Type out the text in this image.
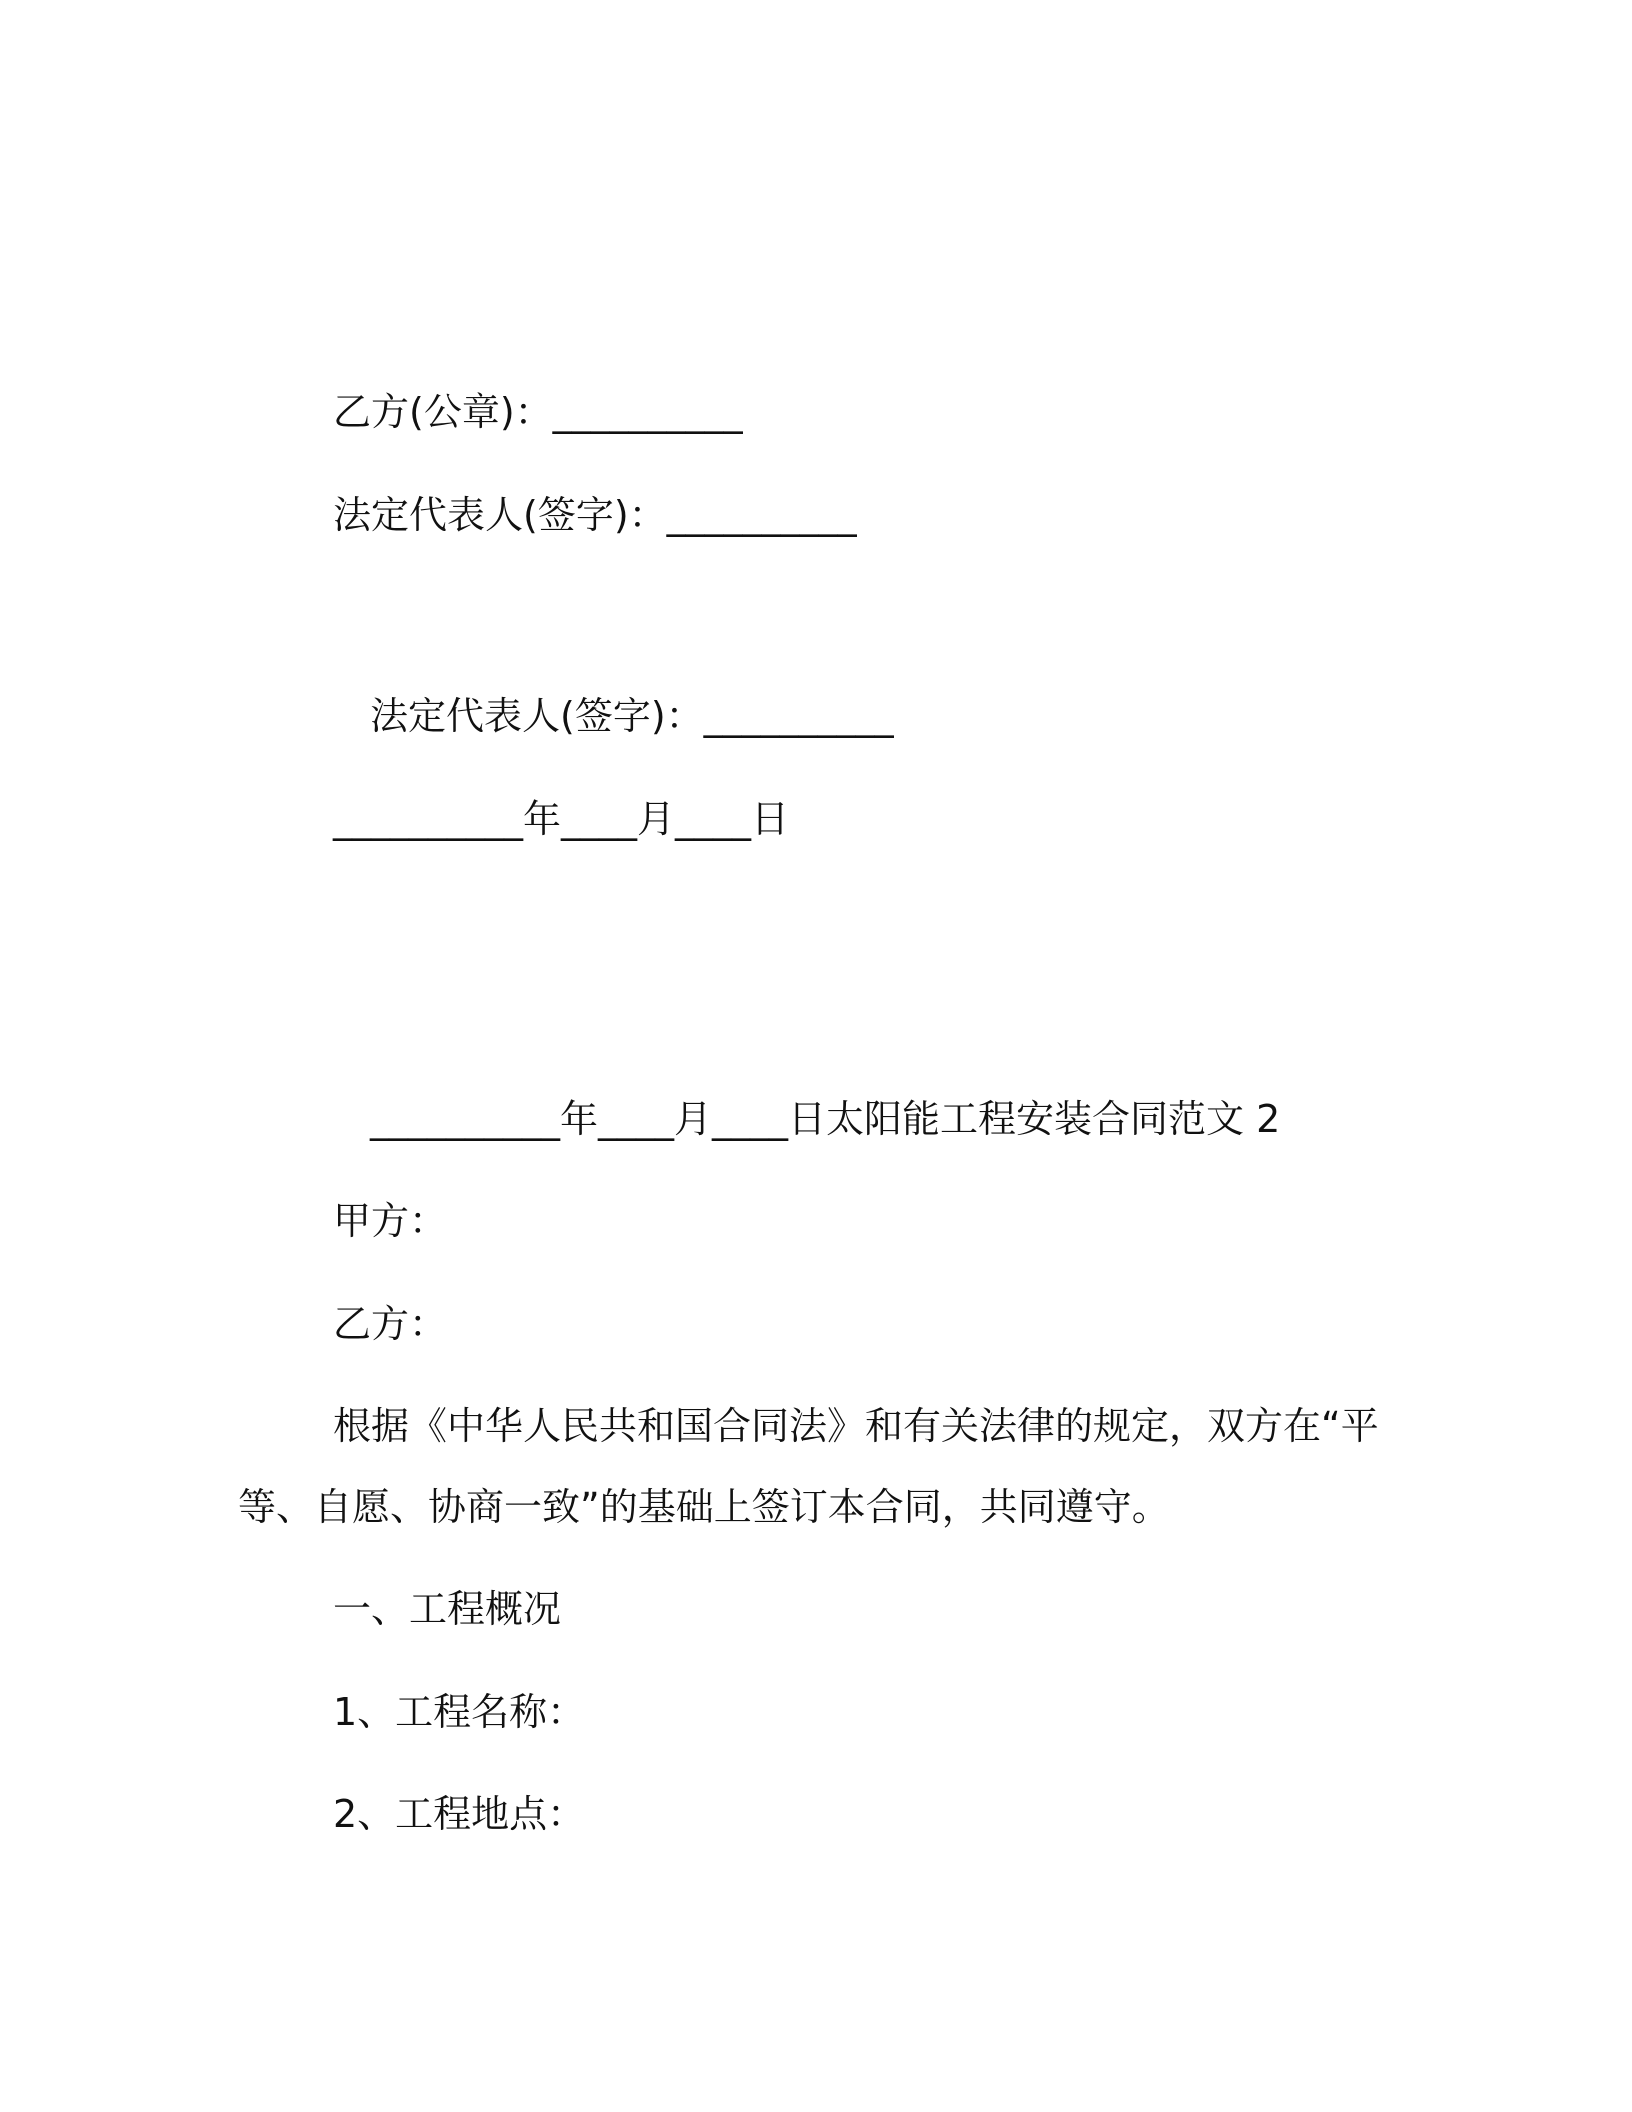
乙方(公章)：__________
法定代表人(签字)：__________
法定代表人(签字)：__________
__________年____月____日
__________年____月____日太阳能工程安装合同范文 2
甲方：
乙方：
根据《中华人民共和国合同法》和有关法律的规定，双方在“平
等、自愿、协商一致”的基础上签订本合同，共同遵守。
一、工程概况
1、工程名称：
2、工程地点：
